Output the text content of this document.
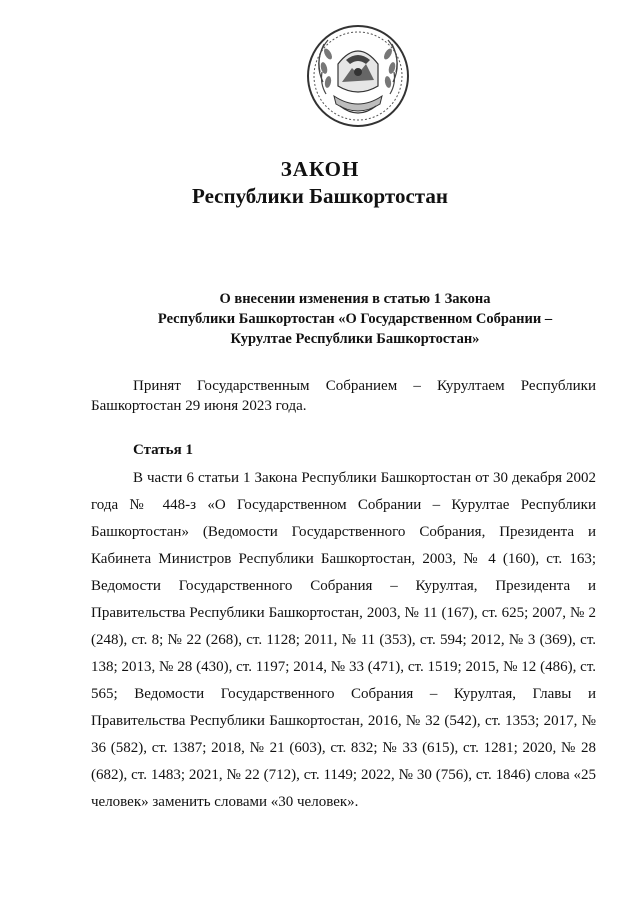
ЗАКОН
Республики Башкортостан
О внесении изменения в статью 1 Закона
Республики Башкортостан «О Государственном Собрании –
Курултае Республики Башкортостан»
Принят Государственным Собранием – Курултаем Республики Башкортостан 29 июня 2023 года.
Статья 1
В части 6 статьи 1 Закона Республики Башкортостан от 30 декабря 2002 года № 448-з «О Государственном Собрании – Курултае Республики Башкортостан» (Ведомости Государственного Собрания, Президента и Кабинета Министров Республики Башкортостан, 2003, № 4 (160), ст. 163; Ведомости Государственного Собрания – Курултая, Президента и Правительства Республики Башкортостан, 2003, № 11 (167), ст. 625; 2007, № 2 (248), ст. 8; № 22 (268), ст. 1128; 2011, № 11 (353), ст. 594; 2012, № 3 (369), ст. 138; 2013, № 28 (430), ст. 1197; 2014, № 33 (471), ст. 1519; 2015, № 12 (486), ст. 565; Ведомости Государственного Собрания – Курултая, Главы и Правительства Республики Башкортостан, 2016, № 32 (542), ст. 1353; 2017, № 36 (582), ст. 1387; 2018, № 21 (603), ст. 832; № 33 (615), ст. 1281; 2020, № 28 (682), ст. 1483; 2021, № 22 (712), ст. 1149; 2022, № 30 (756), ст. 1846) слова «25 человек» заменить словами «30 человек».
